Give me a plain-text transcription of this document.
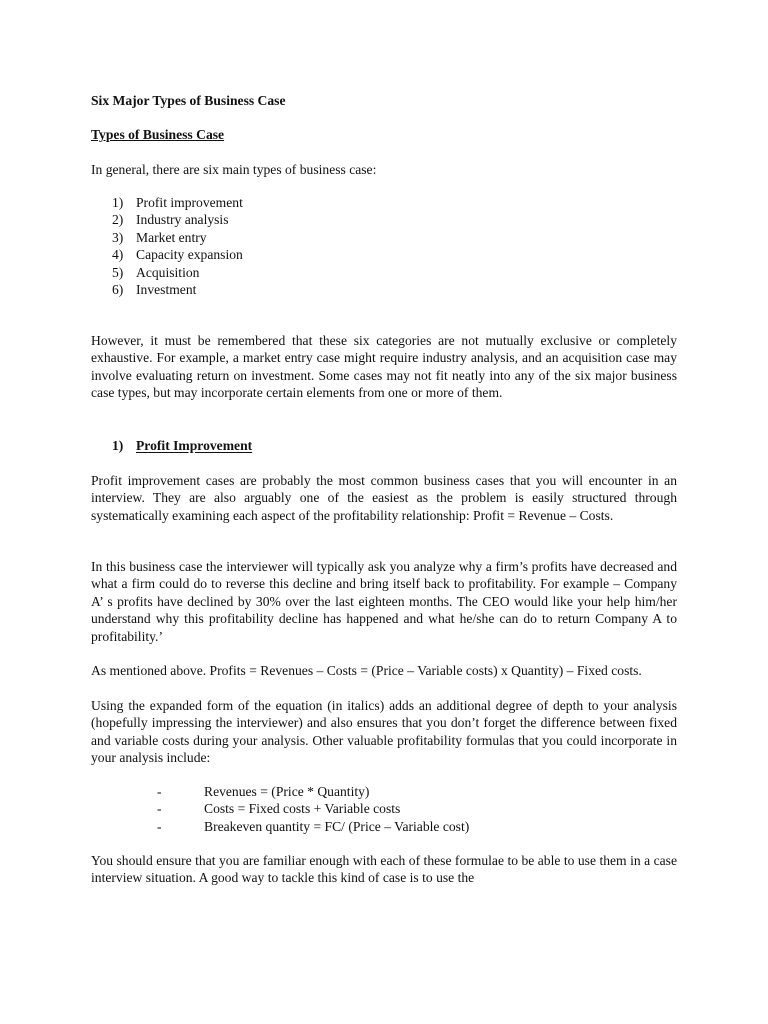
Six Major Types of Business Case

Types of Business Case

In general, there are six main types of business case:

1) Profit improvement
2) Industry analysis
3) Market entry
4) Capacity expansion
5) Acquisition
6) Investment

However, it must be remembered that these six categories are not mutually exclusive or completely exhaustive. For example, a market entry case might require industry analysis, and an acquisition case may involve evaluating return on investment. Some cases may not fit neatly into any of the six major business case types, but may incorporate certain elements from one or more of them.

1) Profit Improvement

Profit improvement cases are probably the most common business cases that you will encounter in an interview. They are also arguably one of the easiest as the problem is easily structured through systematically examining each aspect of the profitability relationship: Profit = Revenue – Costs.

In this business case the interviewer will typically ask you analyze why a firm’s profits have decreased and what a firm could do to reverse this decline and bring itself back to profitability. For example – Company A’ s profits have declined by 30% over the last eighteen months. The CEO would like your help him/her understand why this profitability decline has happened and what he/she can do to return Company A to profitability.’

As mentioned above. Profits = Revenues – Costs = (Price – Variable costs) x Quantity) – Fixed costs.

Using the expanded form of the equation (in italics) adds an additional degree of depth to your analysis (hopefully impressing the interviewer) and also ensures that you don’t forget the difference between fixed and variable costs during your analysis. Other valuable profitability formulas that you could incorporate in your analysis include:

-	Revenues = (Price * Quantity)
-	Costs = Fixed costs + Variable costs
-	Breakeven quantity = FC/ (Price – Variable cost)

You should ensure that you are familiar enough with each of these formulae to be able to use them in a case interview situation. A good way to tackle this kind of case is to use the
